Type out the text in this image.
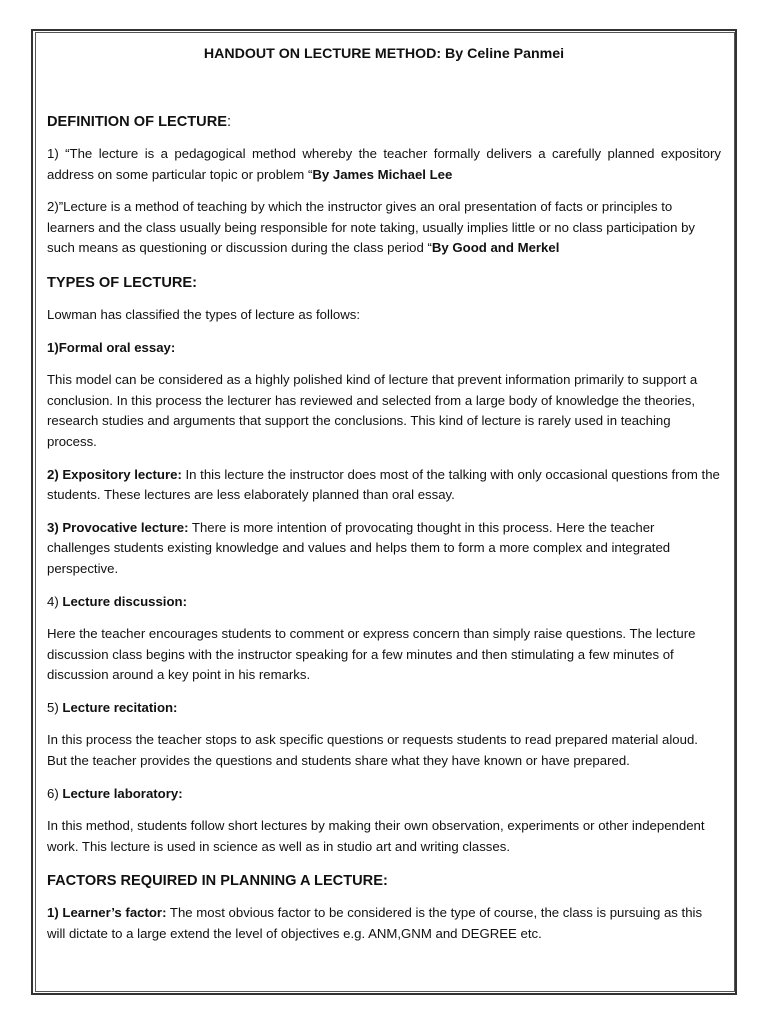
HANDOUT ON LECTURE METHOD: By Celine Panmei
DEFINITION OF LECTURE:

1) “The lecture is a pedagogical method whereby the teacher formally delivers a carefully planned expository address on some particular topic or problem “By James Michael Lee

2)”Lecture is a method of teaching by which the instructor gives an oral presentation of facts or principles to learners and the class usually being responsible for note taking, usually implies little or no class participation by such means as questioning or discussion during the class period “By Good and Merkel

TYPES OF LECTURE:

Lowman has classified the types of lecture as follows:

1)Formal oral essay:

This model can be considered as a highly polished kind of lecture that prevent information primarily to support a conclusion. In this process the lecturer has reviewed and selected from a large body of knowledge the theories, research studies and arguments that support the conclusions. This kind of lecture is rarely used in teaching process.

2) Expository lecture: In this lecture the instructor does most of the talking with only occasional questions from the students. These lectures are less elaborately planned than oral essay.

3) Provocative lecture: There is more intention of provocating thought in this process. Here the teacher challenges students existing knowledge and values and helps them to form a more complex and integrated perspective.

4) Lecture discussion:

Here the teacher encourages students to comment or express concern than simply raise questions. The lecture discussion class begins with the instructor speaking for a few minutes and then stimulating a few minutes of discussion around a key point in his remarks.

5) Lecture recitation:

In this process the teacher stops to ask specific questions or requests students to read prepared material aloud. But the teacher provides the questions and students share what they have known or have prepared.

6) Lecture laboratory:

In this method, students follow short lectures by making their own observation, experiments or other independent work. This lecture is used in science as well as in studio art and writing classes.

FACTORS REQUIRED IN PLANNING A LECTURE:

1) Learner’s factor: The most obvious factor to be considered is the type of course, the class is pursuing as this will dictate to a large extend the level of objectives e.g. ANM,GNM and DEGREE etc.
